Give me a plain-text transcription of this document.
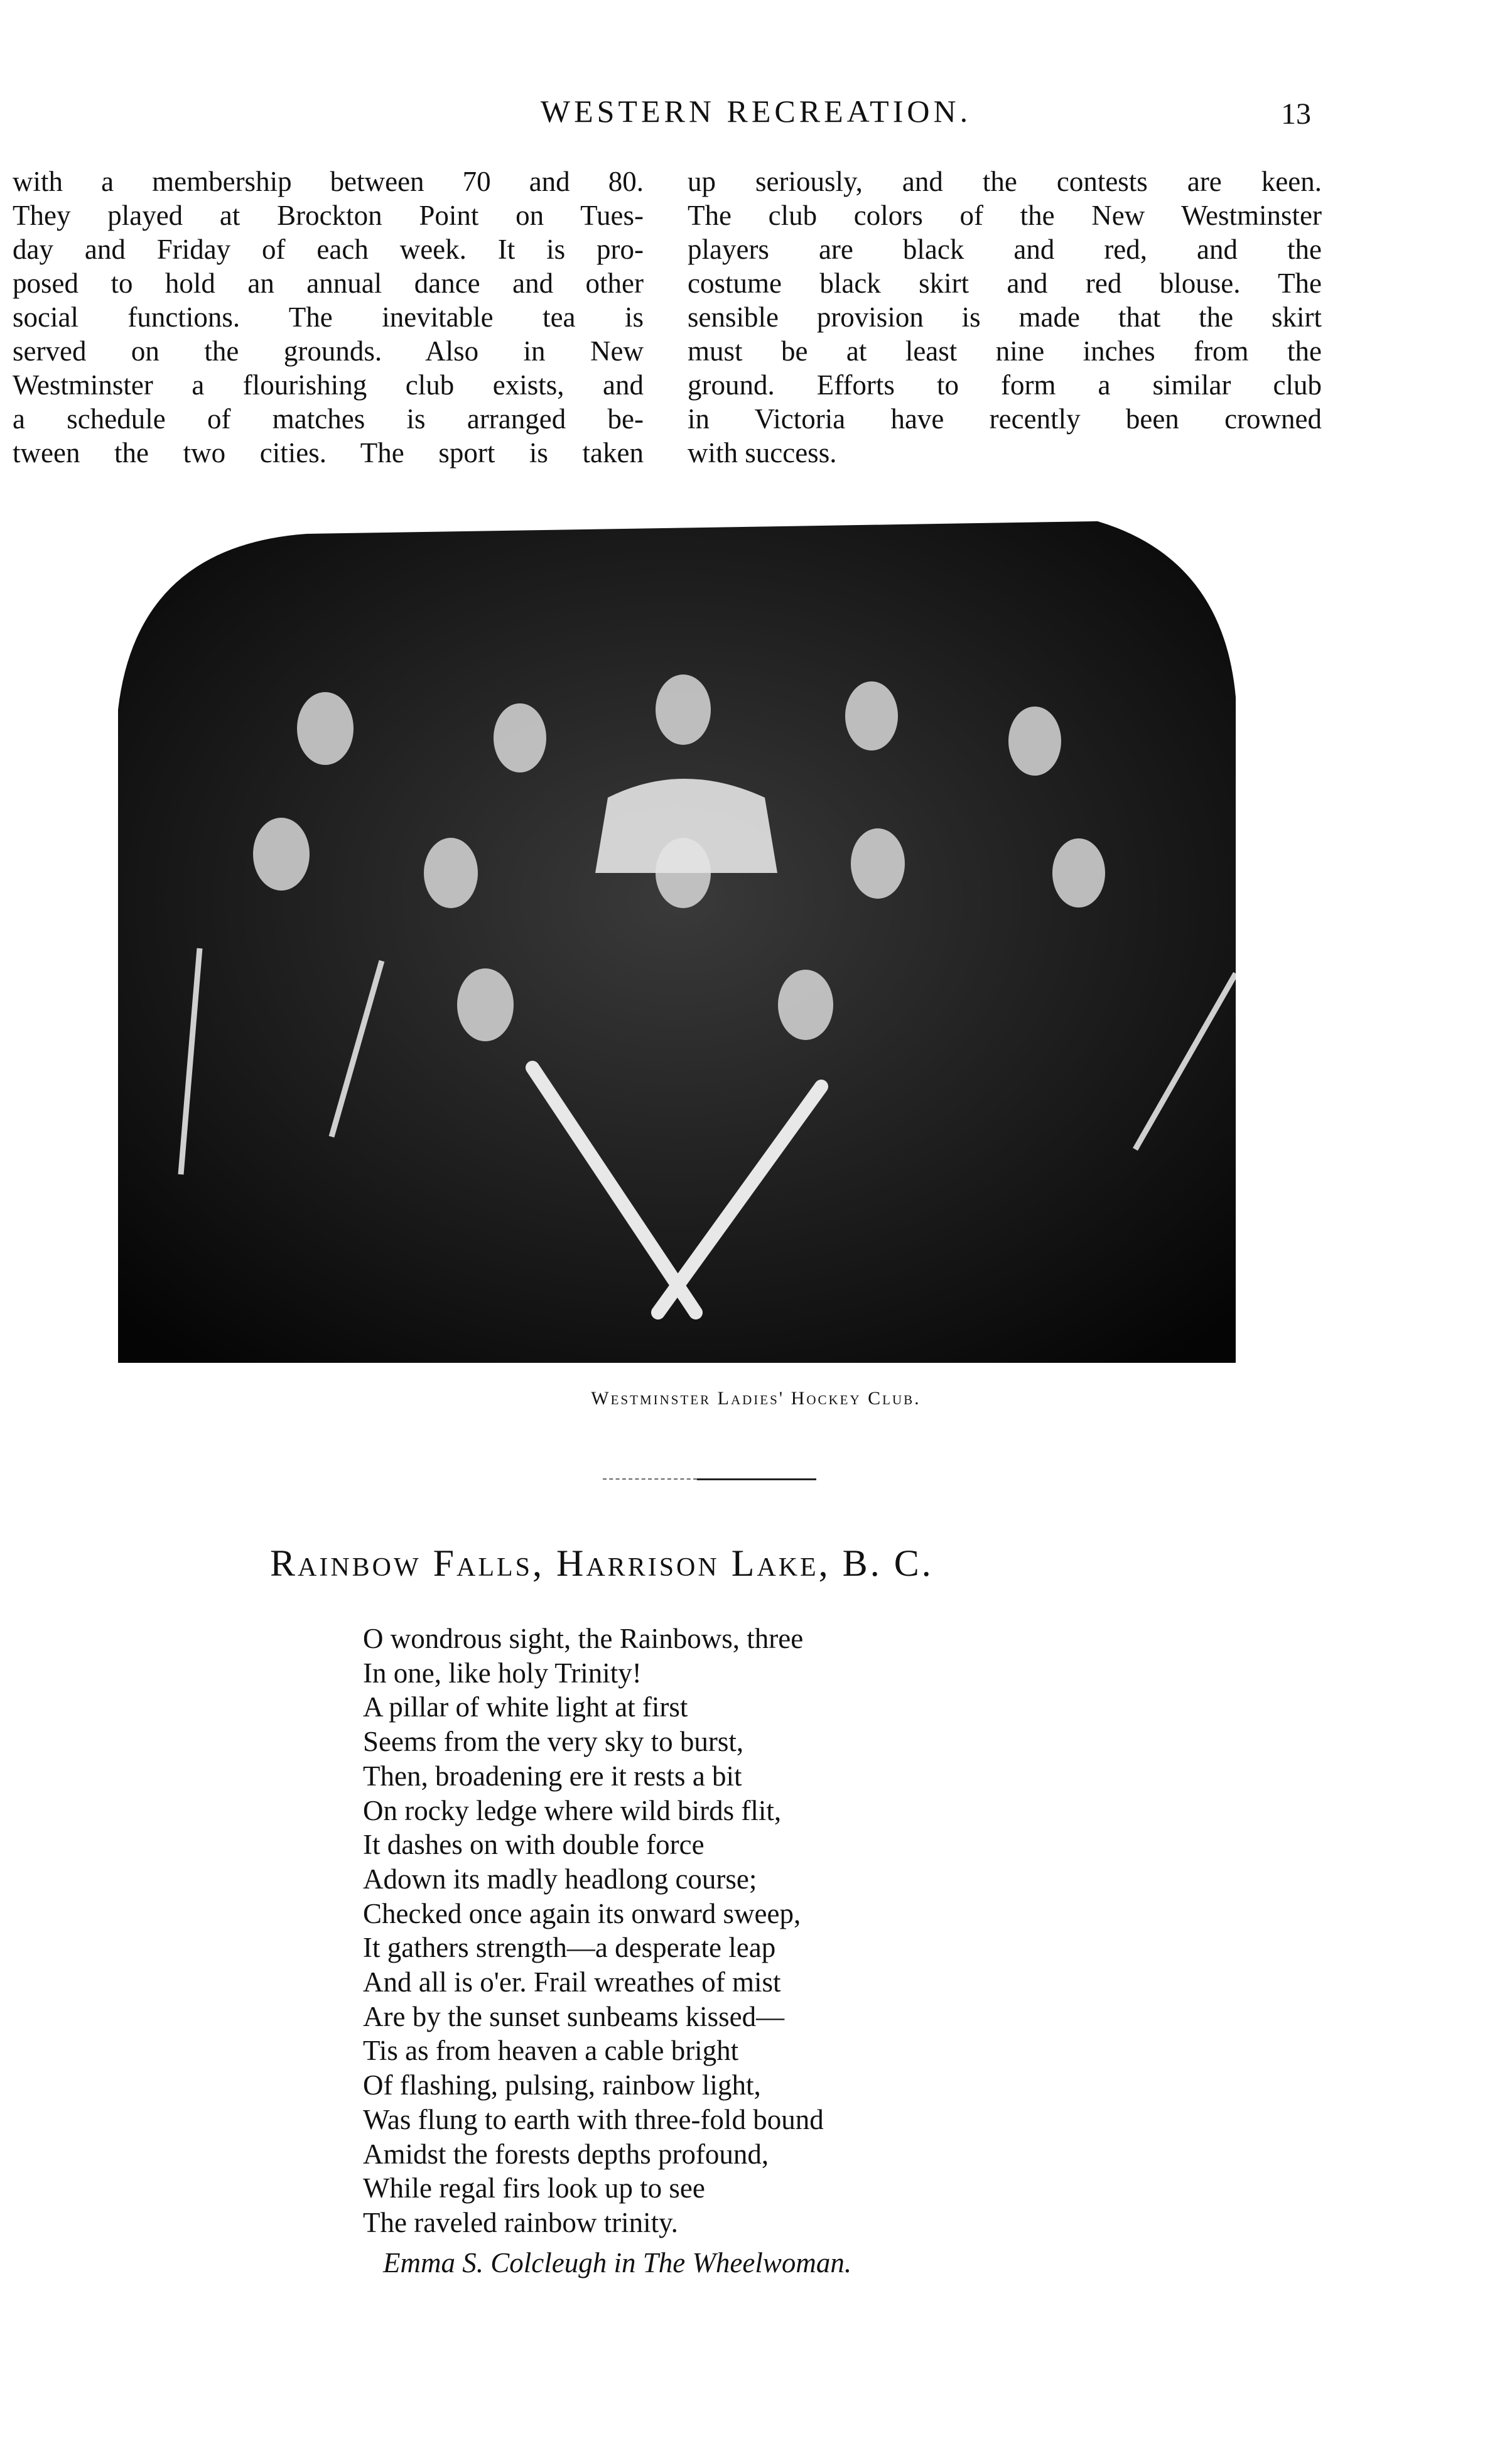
WESTERN RECREATION.	13
with a membership between 70 and 80.
They played at Brockton Point on Tues-
day and Friday of each week. It is pro-
posed to hold an annual dance and other
social functions. The inevitable tea is
served on the grounds. Also in New
Westminster a flourishing club exists, and
a schedule of matches is arranged be-
tween the two cities. The sport is taken
up seriously, and the contests are keen.
The club colors of the New Westminster
players are black and red, and the
costume black skirt and red blouse. The
sensible provision is made that the skirt
must be at least nine inches from the
ground. Efforts to form a similar club
in Victoria have recently been crowned
with success.
Westminster Ladies' Hockey Club.
Rainbow Falls, Harrison Lake, B. C.
O wondrous sight, the Rainbows, three
In one, like holy Trinity!
A pillar of white light at first
Seems from the very sky to burst,
Then, broadening ere it rests a bit
On rocky ledge where wild birds flit,
It dashes on with double force
Adown its madly headlong course;
Checked once again its onward sweep,
It gathers strength—a desperate leap
And all is o'er. Frail wreathes of mist
Are by the sunset sunbeams kissed—
Tis as from heaven a cable bright
Of flashing, pulsing, rainbow light,
Was flung to earth with three-fold bound
Amidst the forests depths profound,
While regal firs look up to see
The raveled rainbow trinity.
Emma S. Colcleugh in The Wheelwoman.
